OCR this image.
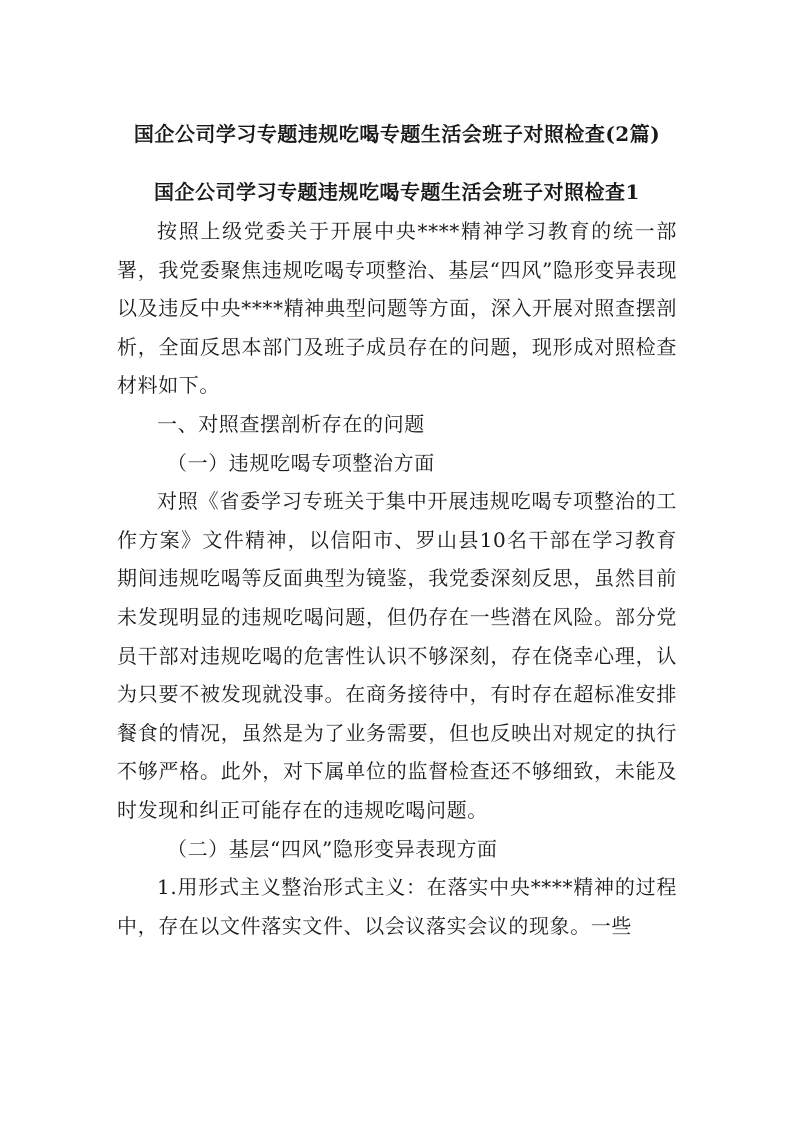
国企公司学习专题违规吃喝专题生活会班子对照检查(2篇)
国企公司学习专题违规吃喝专题生活会班子对照检查1

按照上级党委关于开展中央****精神学习教育的统一部署，我党委聚焦违规吃喝专项整治、基层“四风”隐形变异表现以及违反中央****精神典型问题等方面，深入开展对照查摆剖析，全面反思本部门及班子成员存在的问题，现形成对照检查材料如下。

一、对照查摆剖析存在的问题

（一）违规吃喝专项整治方面

对照《省委学习专班关于集中开展违规吃喝专项整治的工作方案》文件精神，以信阳市、罗山县10名干部在学习教育期间违规吃喝等反面典型为镜鉴，我党委深刻反思，虽然目前未发现明显的违规吃喝问题，但仍存在一些潜在风险。部分党员干部对违规吃喝的危害性认识不够深刻，存在侥幸心理，认为只要不被发现就没事。在商务接待中，有时存在超标准安排餐食的情况，虽然是为了业务需要，但也反映出对规定的执行不够严格。此外，对下属单位的监督检查还不够细致，未能及时发现和纠正可能存在的违规吃喝问题。

（二）基层“四风”隐形变异表现方面

1.用形式主义整治形式主义：在落实中央****精神的过程中，存在以文件落实文件、以会议落实会议的现象。一些
